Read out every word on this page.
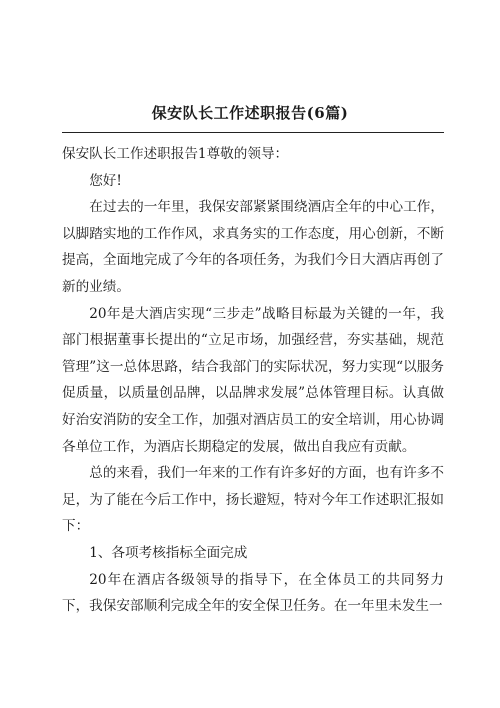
保安队长工作述职报告(6篇)

保安队长工作述职报告1尊敬的领导：

您好!

在过去的一年里，我保安部紧紧围绕酒店全年的中心工作，以脚踏实地的工作作风，求真务实的工作态度，用心创新，不断提高，全面地完成了今年的各项任务，为我们今日大酒店再创了新的业绩。

20年是大酒店实现“三步走”战略目标最为关键的一年，我部门根据董事长提出的“立足市场，加强经营，夯实基础，规范管理”这一总体思路，结合我部门的实际状况，努力实现“以服务促质量，以质量创品牌，以品牌求发展”总体管理目标。认真做好治安消防的安全工作，加强对酒店员工的安全培训，用心协调各单位工作，为酒店长期稳定的发展，做出自我应有贡献。

总的来看，我们一年来的工作有许多好的方面，也有许多不足，为了能在今后工作中，扬长避短，特对今年工作述职汇报如下：

1、各项考核指标全面完成

20年在酒店各级领导的指导下，在全体员工的共同努力下，我保安部顺利完成全年的安全保卫任务。在一年里未发生一
